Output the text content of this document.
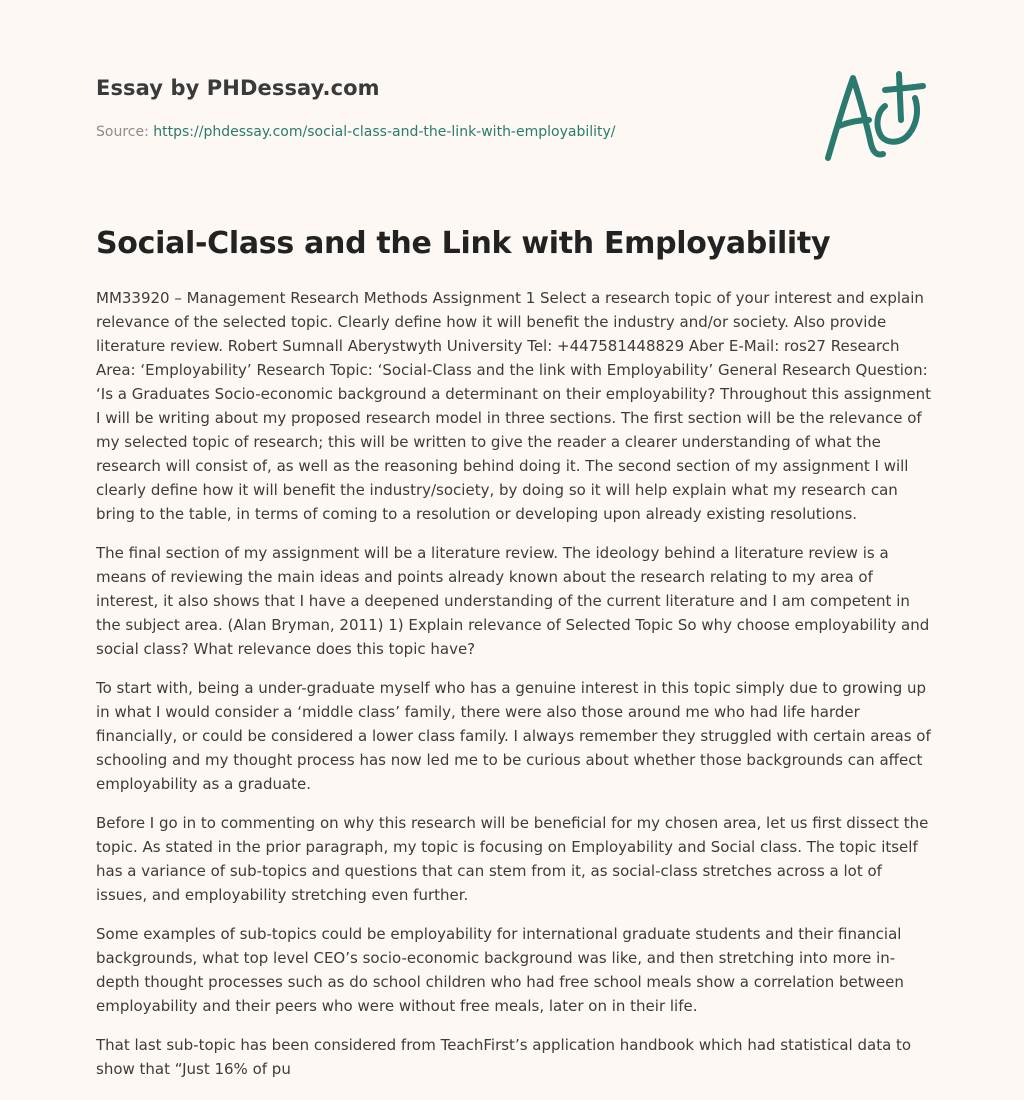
Essay by PHDessay.com
Source: https://phdessay.com/social-class-and-the-link-with-employability/
Social-Class and the Link with Employability

MM33920 – Management Research Methods Assignment 1 Select a research topic of your interest and explain relevance of the selected topic. Clearly define how it will benefit the industry and/or society. Also provide literature review. Robert Sumnall Aberystwyth University Tel: +447581448829 Aber E-Mail: ros27 Research Area: ‘Employability’ Research Topic: ‘Social-Class and the link with Employability’ General Research Question: ‘Is a Graduates Socio-economic background a determinant on their employability? Throughout this assignment I will be writing about my proposed research model in three sections. The first section will be the relevance of my selected topic of research; this will be written to give the reader a clearer understanding of what the research will consist of, as well as the reasoning behind doing it. The second section of my assignment I will clearly define how it will benefit the industry/society, by doing so it will help explain what my research can bring to the table, in terms of coming to a resolution or developing upon already existing resolutions.

The final section of my assignment will be a literature review. The ideology behind a literature review is a means of reviewing the main ideas and points already known about the research relating to my area of interest, it also shows that I have a deepened understanding of the current literature and I am competent in the subject area. (Alan Bryman, 2011) 1) Explain relevance of Selected Topic So why choose employability and social class? What relevance does this topic have?

To start with, being a under-graduate myself who has a genuine interest in this topic simply due to growing up in what I would consider a ‘middle class’ family, there were also those around me who had life harder financially, or could be considered a lower class family. I always remember they struggled with certain areas of schooling and my thought process has now led me to be curious about whether those backgrounds can affect employability as a graduate.

Before I go in to commenting on why this research will be beneficial for my chosen area, let us first dissect the topic. As stated in the prior paragraph, my topic is focusing on Employability and Social class. The topic itself has a variance of sub-topics and questions that can stem from it, as social-class stretches across a lot of issues, and employability stretching even further.

Some examples of sub-topics could be employability for international graduate students and their financial backgrounds, what top level CEO’s socio-economic background was like, and then stretching into more in-depth thought processes such as do school children who had free school meals show a correlation between employability and their peers who were without free meals, later on in their life.

That last sub-topic has been considered from TeachFirst’s application handbook which had statistical data to show that “Just 16% of pu
